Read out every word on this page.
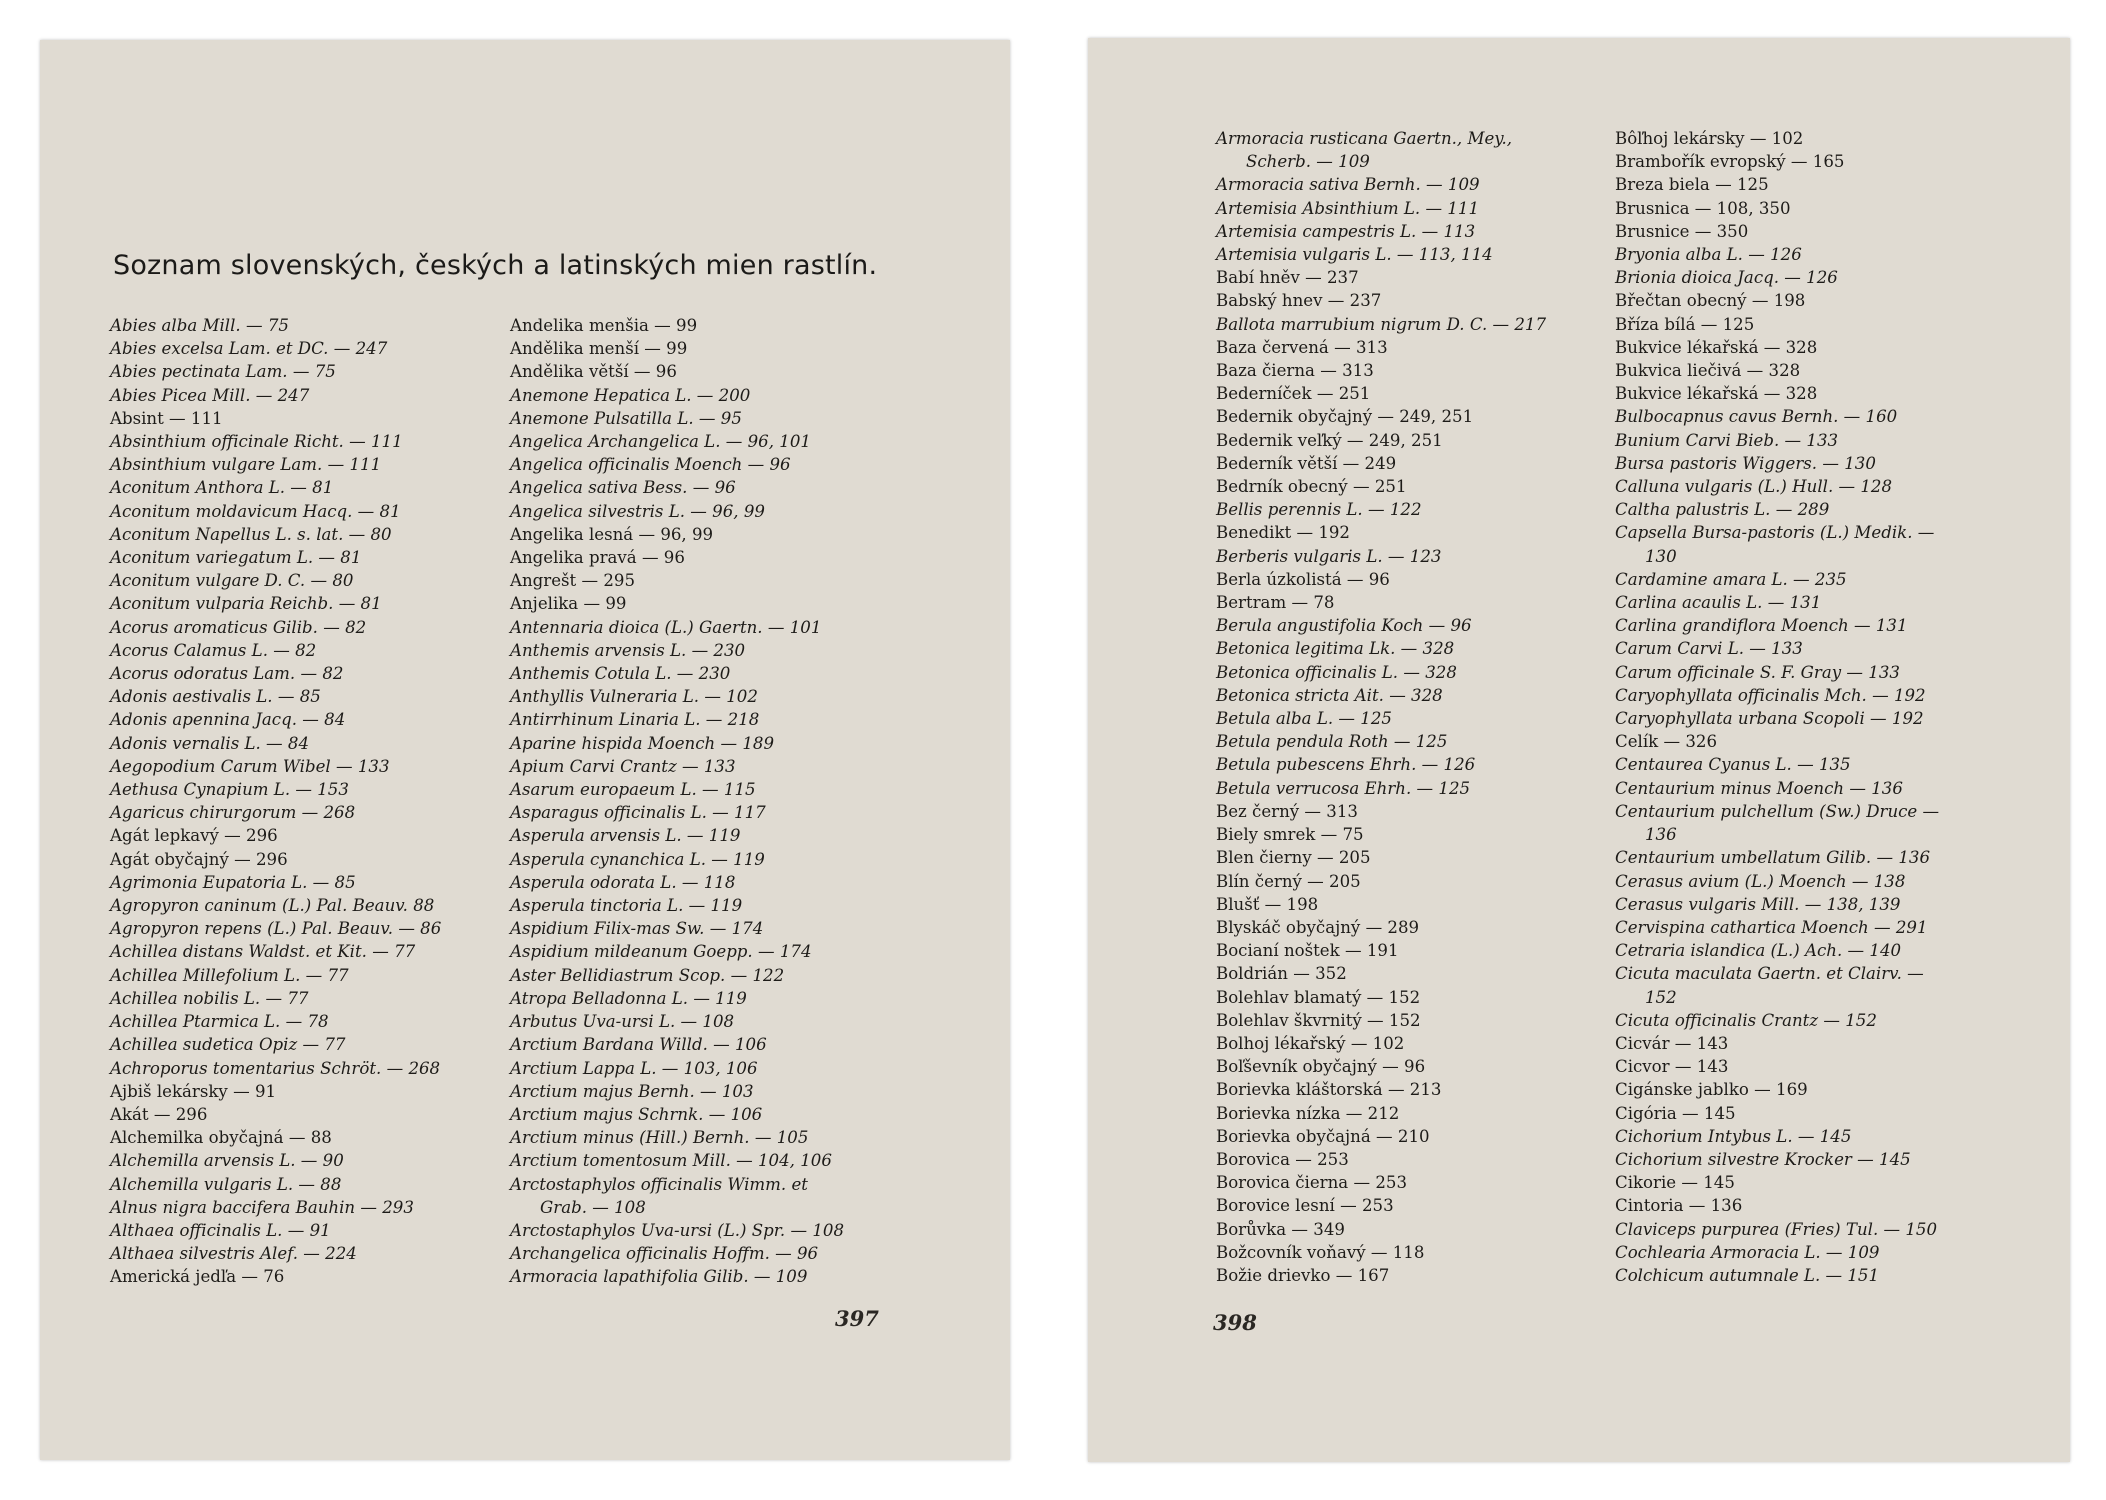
Soznam slovenských, českých a latinských mien rastlín.
Abies alba Mill. — 75
Abies excelsa Lam. et DC. — 247
Abies pectinata Lam. — 75
Abies Picea Mill. — 247
Absint — 111
Absinthium officinale Richt. — 111
Absinthium vulgare Lam. — 111
Aconitum Anthora L. — 81
Aconitum moldavicum Hacq. — 81
Aconitum Napellus L. s. lat. — 80
Aconitum variegatum L. — 81
Aconitum vulgare D. C. — 80
Aconitum vulparia Reichb. — 81
Acorus aromaticus Gilib. — 82
Acorus Calamus L. — 82
Acorus odoratus Lam. — 82
Adonis aestivalis L. — 85
Adonis apennina Jacq. — 84
Adonis vernalis L. — 84
Aegopodium Carum Wibel — 133
Aethusa Cynapium L. — 153
Agaricus chirurgorum — 268
Agát lepkavý — 296
Agát obyčajný — 296
Agrimonia Eupatoria L. — 85
Agropyron caninum (L.) Pal. Beauv. 88
Agropyron repens (L.) Pal. Beauv. — 86
Achillea distans Waldst. et Kit. — 77
Achillea Millefolium L. — 77
Achillea nobilis L. — 77
Achillea Ptarmica L. — 78
Achillea sudetica Opiz — 77
Achroporus tomentarius Schröt. — 268
Ajbiš lekársky — 91
Akát — 296
Alchemilka obyčajná — 88
Alchemilla arvensis L. — 90
Alchemilla vulgaris L. — 88
Alnus nigra baccifera Bauhin — 293
Althaea officinalis L. — 91
Althaea silvestris Alef. — 224
Americká jedľa — 76
Andelika menšia — 99
Andělika menší — 99
Andělika větší — 96
Anemone Hepatica L. — 200
Anemone Pulsatilla L. — 95
Angelica Archangelica L. — 96, 101
Angelica officinalis Moench — 96
Angelica sativa Bess. — 96
Angelica silvestris L. — 96, 99
Angelika lesná — 96, 99
Angelika pravá — 96
Angrešt — 295
Anjelika — 99
Antennaria dioica (L.) Gaertn. — 101
Anthemis arvensis L. — 230
Anthemis Cotula L. — 230
Anthyllis Vulneraria L. — 102
Antirrhinum Linaria L. — 218
Aparine hispida Moench — 189
Apium Carvi Crantz — 133
Asarum europaeum L. — 115
Asparagus officinalis L. — 117
Asperula arvensis L. — 119
Asperula cynanchica L. — 119
Asperula odorata L. — 118
Asperula tinctoria L. — 119
Aspidium Filix-mas Sw. — 174
Aspidium mildeanum Goepp. — 174
Aster Bellidiastrum Scop. — 122
Atropa Belladonna L. — 119
Arbutus Uva-ursi L. — 108
Arctium Bardana Willd. — 106
Arctium Lappa L. — 103, 106
Arctium majus Bernh. — 103
Arctium majus Schrnk. — 106
Arctium minus (Hill.) Bernh. — 105
Arctium tomentosum Mill. — 104, 106
Arctostaphylos officinalis Wimm. et
Grab. — 108
Arctostaphylos Uva-ursi (L.) Spr. — 108
Archangelica officinalis Hoffm. — 96
Armoracia lapathifolia Gilib. — 109
397
Armoracia rusticana Gaertn., Mey.,
Scherb. — 109
Armoracia sativa Bernh. — 109
Artemisia Absinthium L. — 111
Artemisia campestris L. — 113
Artemisia vulgaris L. — 113, 114
Babí hněv — 237
Babský hnev — 237
Ballota marrubium nigrum D. C. — 217
Baza červená — 313
Baza čierna — 313
Bederníček — 251
Bedernik obyčajný — 249, 251
Bedernik veľký — 249, 251
Bederník větší — 249
Bedrník obecný — 251
Bellis perennis L. — 122
Benedikt — 192
Berberis vulgaris L. — 123
Berla úzkolistá — 96
Bertram — 78
Berula angustifolia Koch — 96
Betonica legitima Lk. — 328
Betonica officinalis L. — 328
Betonica stricta Ait. — 328
Betula alba L. — 125
Betula pendula Roth — 125
Betula pubescens Ehrh. — 126
Betula verrucosa Ehrh. — 125
Bez černý — 313
Biely smrek — 75
Blen čierny — 205
Blín černý — 205
Blušť — 198
Blyskáč obyčajný — 289
Bocianí noštek — 191
Boldrián — 352
Bolehlav blamatý — 152
Bolehlav škvrnitý — 152
Bolhoj lékařský — 102
Boľševník obyčajný — 96
Borievka kláštorská — 213
Borievka nízka — 212
Borievka obyčajná — 210
Borovica — 253
Borovica čierna — 253
Borovice lesní — 253
Borůvka — 349
Božcovník voňavý — 118
Božie drievko — 167
Bôľhoj lekársky — 102
Brambořík evropský — 165
Breza biela — 125
Brusnica — 108, 350
Brusnice — 350
Bryonia alba L. — 126
Brionia dioica Jacq. — 126
Břečtan obecný — 198
Bříza bílá — 125
Bukvice lékařská — 328
Bukvica liečivá — 328
Bukvice lékařská — 328
Bulbocapnus cavus Bernh. — 160
Bunium Carvi Bieb. — 133
Bursa pastoris Wiggers. — 130
Calluna vulgaris (L.) Hull. — 128
Caltha palustris L. — 289
Capsella Bursa-pastoris (L.) Medik. —
130
Cardamine amara L. — 235
Carlina acaulis L. — 131
Carlina grandiflora Moench — 131
Carum Carvi L. — 133
Carum officinale S. F. Gray — 133
Caryophyllata officinalis Mch. — 192
Caryophyllata urbana Scopoli — 192
Celík — 326
Centaurea Cyanus L. — 135
Centaurium minus Moench — 136
Centaurium pulchellum (Sw.) Druce —
136
Centaurium umbellatum Gilib. — 136
Cerasus avium (L.) Moench — 138
Cerasus vulgaris Mill. — 138, 139
Cervispina cathartica Moench — 291
Cetraria islandica (L.) Ach. — 140
Cicuta maculata Gaertn. et Clairv. —
152
Cicuta officinalis Crantz — 152
Cicvár — 143
Cicvor — 143
Cigánske jablko — 169
Cigória — 145
Cichorium Intybus L. — 145
Cichorium silvestre Krocker — 145
Cikorie — 145
Cintoria — 136
Claviceps purpurea (Fries) Tul. — 150
Cochlearia Armoracia L. — 109
Colchicum autumnale L. — 151
398
